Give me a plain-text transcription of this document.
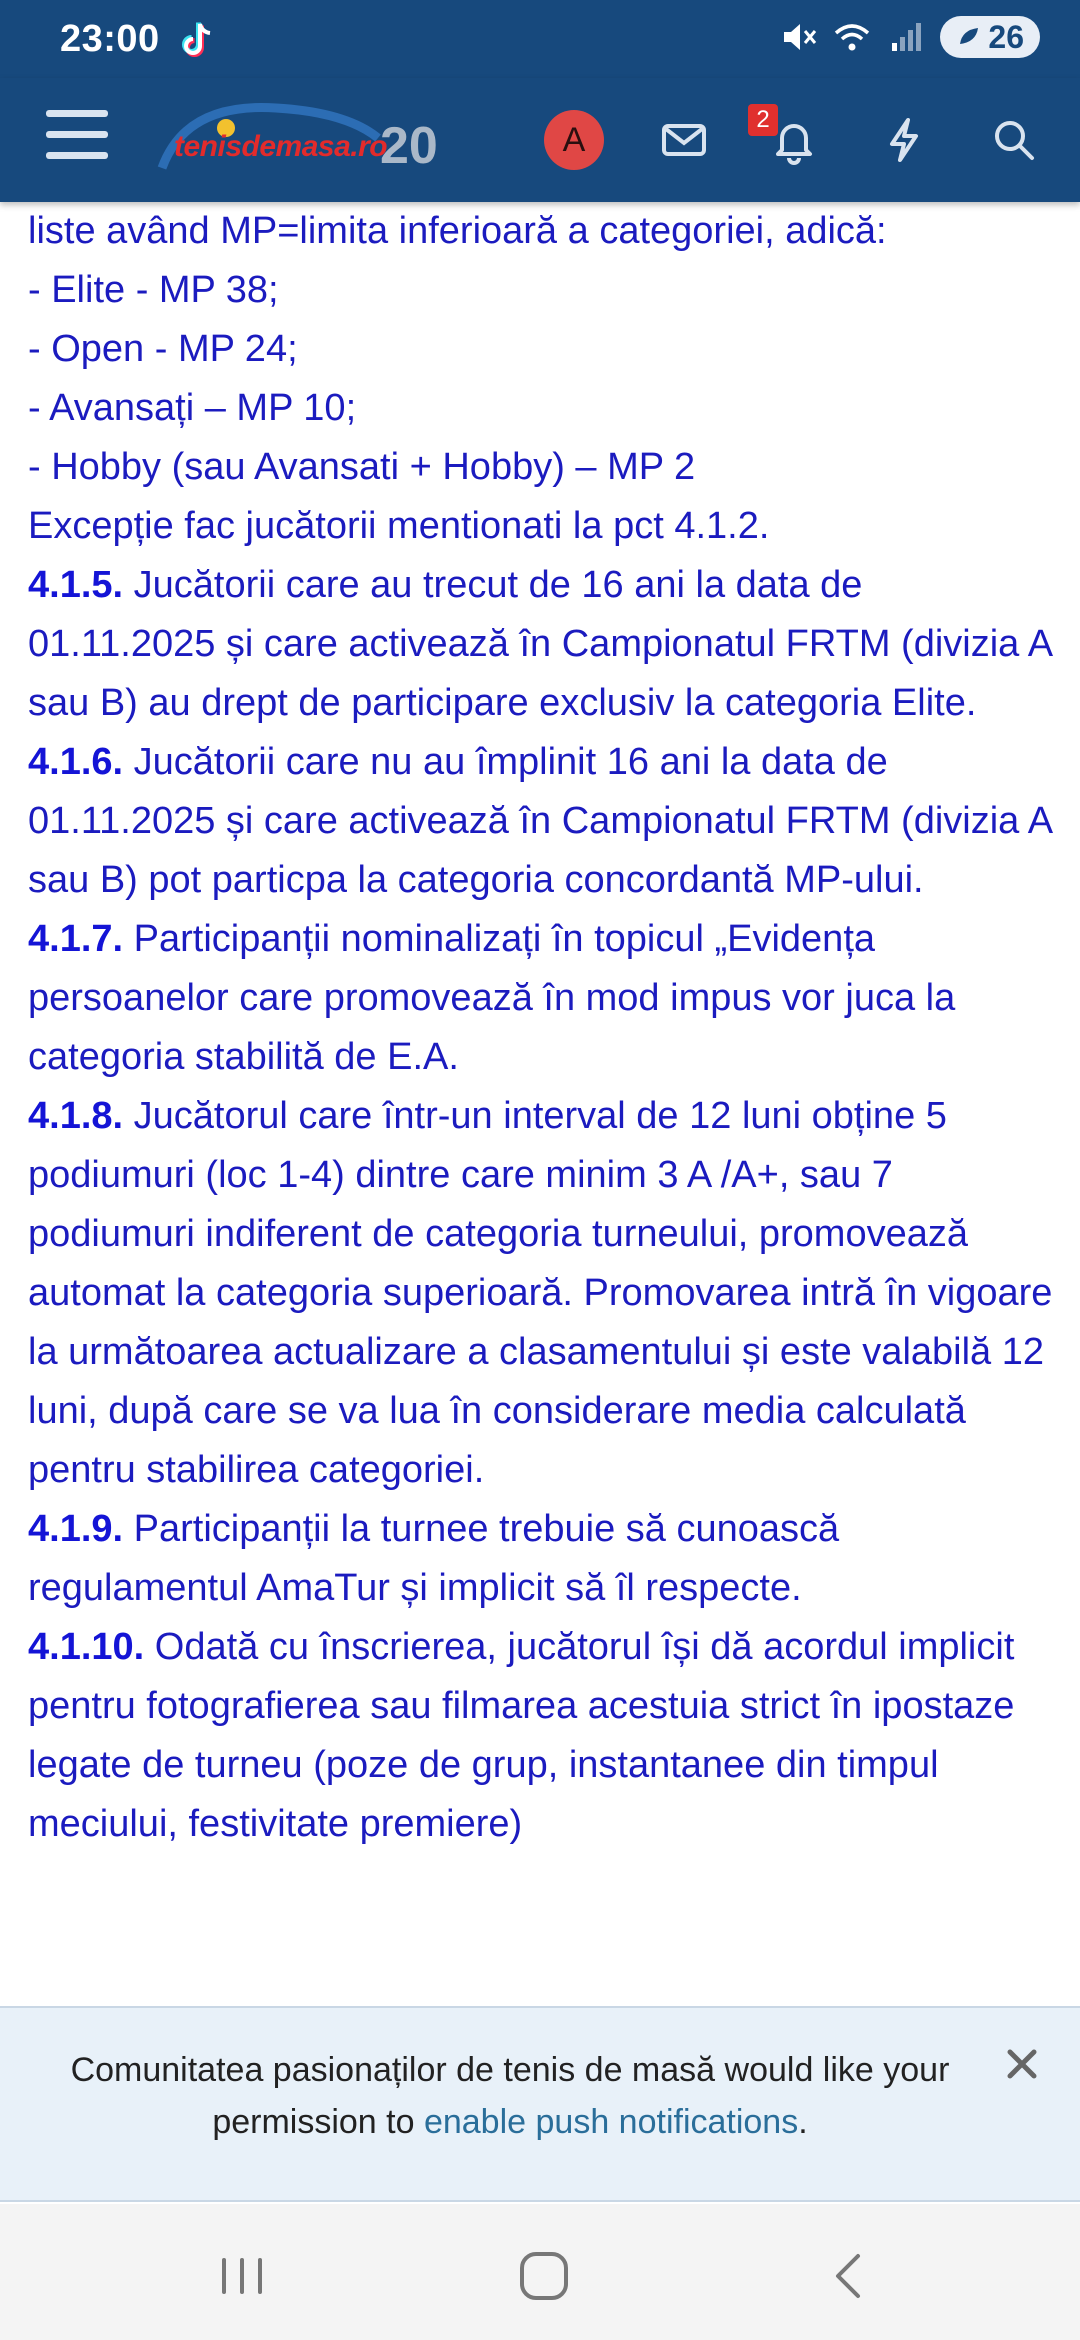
23:00	26
tenisdemasa.ro
20	A
2

liste având MP=limita inferioară a categoriei, adică:

- Elite - MP 38;

- Open - MP 24;

- Avansați – MP 10;

- Hobby (sau Avansati + Hobby) – MP 2

Excepție fac jucătorii mentionati la pct 4.1.2.

4.1.5. Jucătorii care au trecut de 16 ani la data de 01.11.2025 și care activează în Campionatul FRTM (divizia A sau B) au drept de participare exclusiv la categoria Elite.

4.1.6. Jucătorii care nu au împlinit 16 ani la data de 01.11.2025 și care activează în Campionatul FRTM (divizia A sau B) pot particpa la categoria concordantă MP-ului.

4.1.7. Participanții nominalizați în topicul „Evidența persoanelor care promovează în mod impus vor juca la categoria stabilită de E.A.

4.1.8. Jucătorul care într-un interval de 12 luni obține 5 podiumuri (loc 1-4) dintre care minim 3 A /A+, sau 7 podiumuri indiferent de categoria turneului, promovează automat la categoria superioară. Promovarea intră în vigoare la următoarea actualizare a clasamentului și este valabilă 12 luni, după care se va lua în considerare media calculată pentru stabilirea categoriei.

4.1.9. Participanții la turnee trebuie să cunoască regulamentul AmaTur și implicit să îl respecte.

4.1.10. Odată cu înscrierea, jucătorul își dă acordul implicit pentru fotografierea sau filmarea acestuia strict în ipostaze legate de turneu (poze de grup, instantanee din timpul meciului, festivitate premiere)

Comunitatea pasionaților de tenis de masă would like your permission to enable push notifications.
